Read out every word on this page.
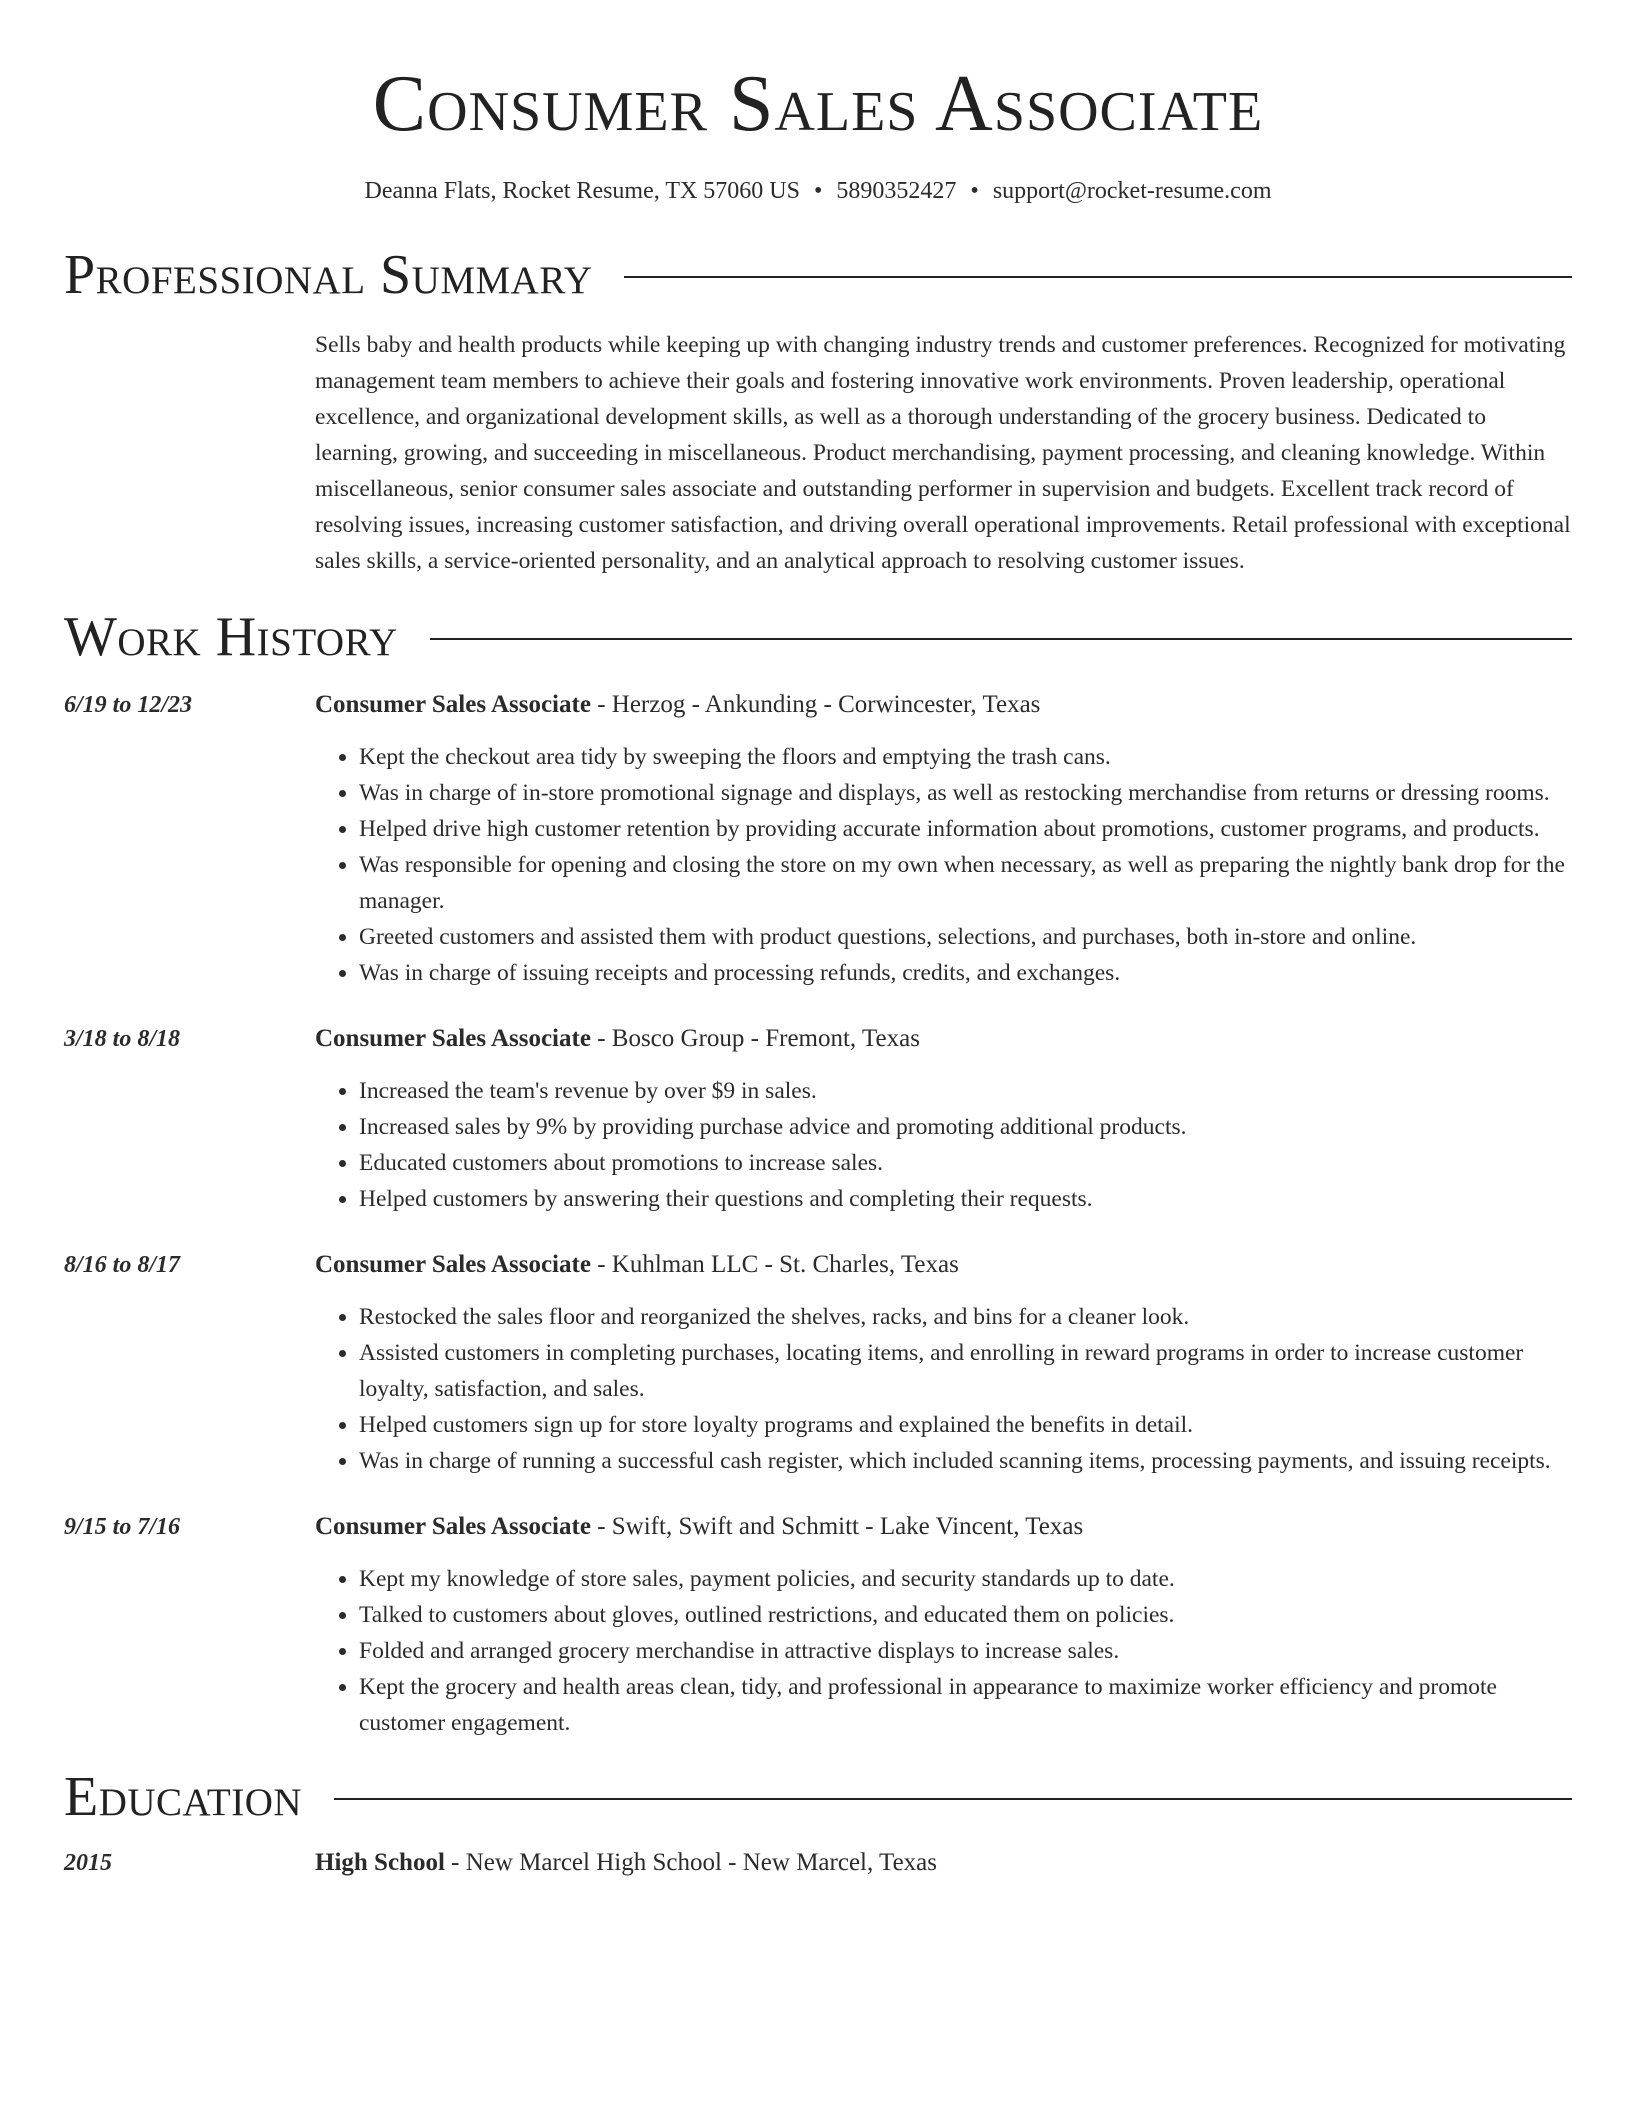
Consumer Sales Associate
Deanna Flats, Rocket Resume, TX 57060 US • 5890352427 • support@rocket-resume.com
Professional Summary
Sells baby and health products while keeping up with changing industry trends and customer preferences. Recognized for motivating management team members to achieve their goals and fostering innovative work environments. Proven leadership, operational excellence, and organizational development skills, as well as a thorough understanding of the grocery business. Dedicated to learning, growing, and succeeding in miscellaneous. Product merchandising, payment processing, and cleaning knowledge. Within miscellaneous, senior consumer sales associate and outstanding performer in supervision and budgets. Excellent track record of resolving issues, increasing customer satisfaction, and driving overall operational improvements. Retail professional with exceptional sales skills, a service-oriented personality, and an analytical approach to resolving customer issues.
Work History
6/19 to 12/23	Consumer Sales Associate - Herzog - Ankunding - Corwincester, Texas
• Kept the checkout area tidy by sweeping the floors and emptying the trash cans.
• Was in charge of in-store promotional signage and displays, as well as restocking merchandise from returns or dressing rooms.
• Helped drive high customer retention by providing accurate information about promotions, customer programs, and products.
• Was responsible for opening and closing the store on my own when necessary, as well as preparing the nightly bank drop for the manager.
• Greeted customers and assisted them with product questions, selections, and purchases, both in-store and online.
• Was in charge of issuing receipts and processing refunds, credits, and exchanges.
3/18 to 8/18	Consumer Sales Associate - Bosco Group - Fremont, Texas
• Increased the team's revenue by over $9 in sales.
• Increased sales by 9% by providing purchase advice and promoting additional products.
• Educated customers about promotions to increase sales.
• Helped customers by answering their questions and completing their requests.
8/16 to 8/17	Consumer Sales Associate - Kuhlman LLC - St. Charles, Texas
• Restocked the sales floor and reorganized the shelves, racks, and bins for a cleaner look.
• Assisted customers in completing purchases, locating items, and enrolling in reward programs in order to increase customer loyalty, satisfaction, and sales.
• Helped customers sign up for store loyalty programs and explained the benefits in detail.
• Was in charge of running a successful cash register, which included scanning items, processing payments, and issuing receipts.
9/15 to 7/16	Consumer Sales Associate - Swift, Swift and Schmitt - Lake Vincent, Texas
• Kept my knowledge of store sales, payment policies, and security standards up to date.
• Talked to customers about gloves, outlined restrictions, and educated them on policies.
• Folded and arranged grocery merchandise in attractive displays to increase sales.
• Kept the grocery and health areas clean, tidy, and professional in appearance to maximize worker efficiency and promote customer engagement.
Education
2015	High School - New Marcel High School - New Marcel, Texas
